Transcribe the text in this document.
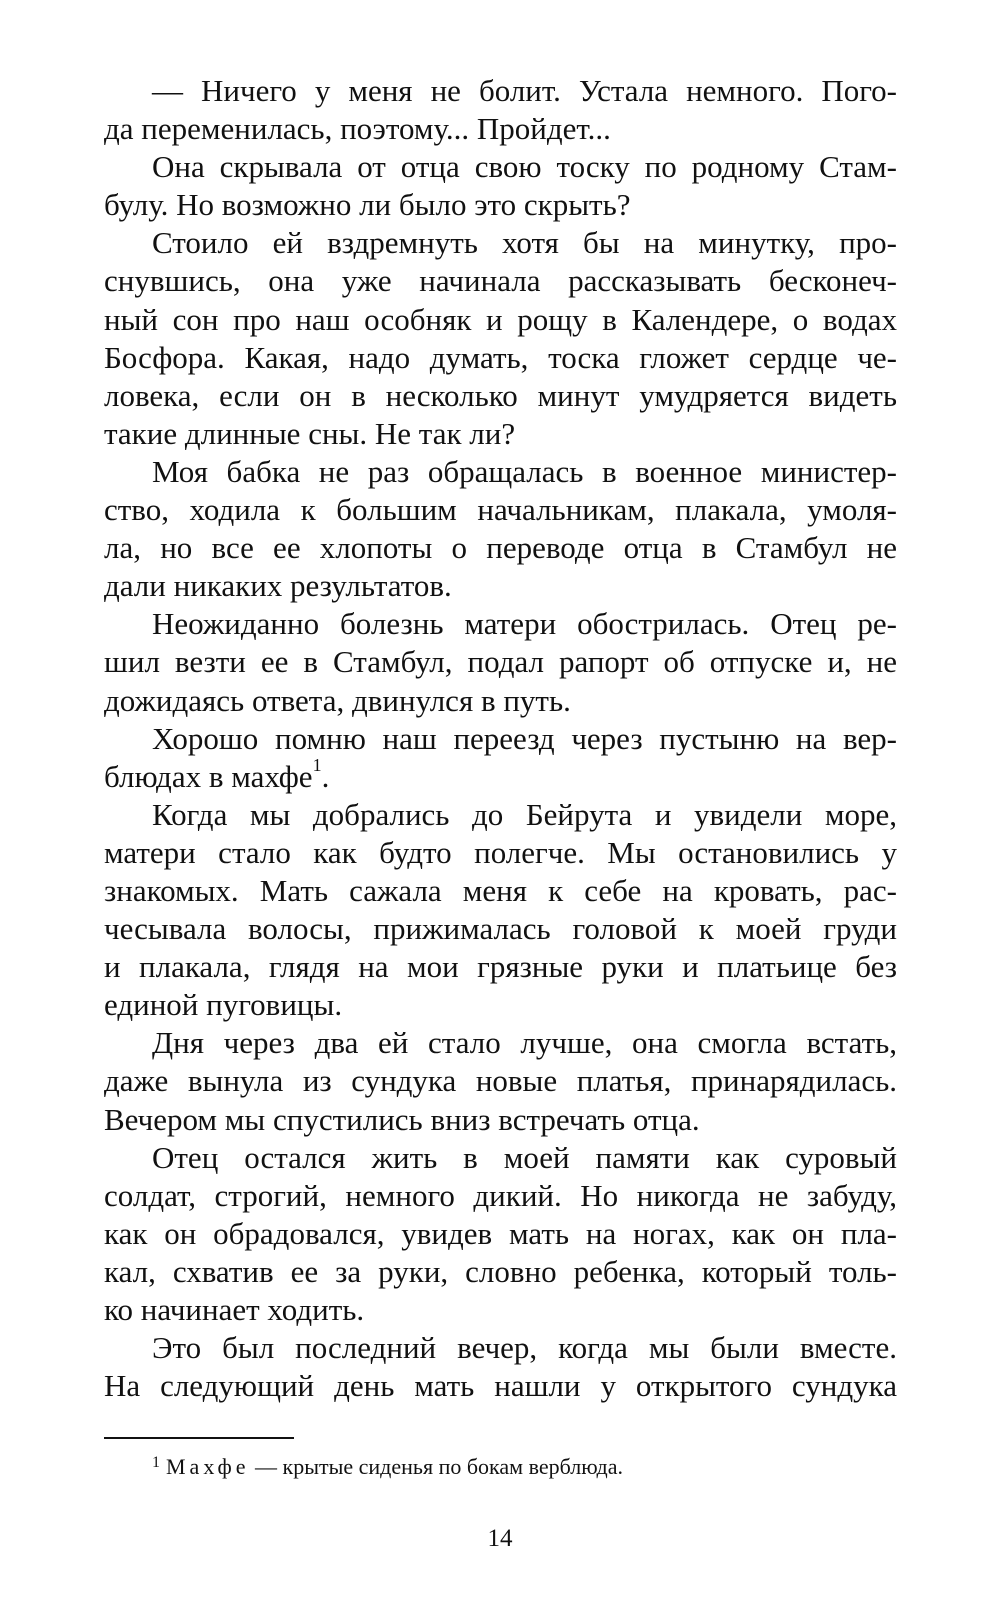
— Ничего у меня не болит. Устала немного. Пого-
да переменилась, поэтому... Пройдет...
Она скрывала от отца свою тоску по родному Стам-
булу. Но возможно ли было это скрыть?
Стоило ей вздремнуть хотя бы на минутку, про-
снувшись, она уже начинала рассказывать бесконеч-
ный сон про наш особняк и рощу в Календере, о водах
Босфора. Какая, надо думать, тоска гложет сердце че-
ловека, если он в несколько минут умудряется видеть
такие длинные сны. Не так ли?
Моя бабка не раз обращалась в военное министер-
ство, ходила к большим начальникам, плакала, умоля-
ла, но все ее хлопоты о переводе отца в Стамбул не
дали никаких результатов.
Неожиданно болезнь матери обострилась. Отец ре-
шил везти ее в Стамбул, подал рапорт об отпуске и, не
дожидаясь ответа, двинулся в путь.
Хорошо помню наш переезд через пустыню на вер-
блюдах в махфе$^1$.
Когда мы добрались до Бейрута и увидели море,
матери стало как будто полегче. Мы остановились у
знакомых. Мать сажала меня к себе на кровать, рас-
чесывала волосы, прижималась головой к моей груди
и плакала, глядя на мои грязные руки и платьице без
единой пуговицы.
Дня через два ей стало лучше, она смогла встать,
даже вынула из сундука новые платья, принарядилась.
Вечером мы спустились вниз встречать отца.
Отец остался жить в моей памяти как суровый
солдат, строгий, немного дикий. Но никогда не забуду,
как он обрадовался, увидев мать на ногах, как он пла-
кал, схватив ее за руки, словно ребенка, который толь-
ко начинает ходить.
Это был последний вечер, когда мы были вместе.
На следующий день мать нашли у открытого сундука
$^1$ Махфе — крытые сиденья по бокам верблюда.
14
